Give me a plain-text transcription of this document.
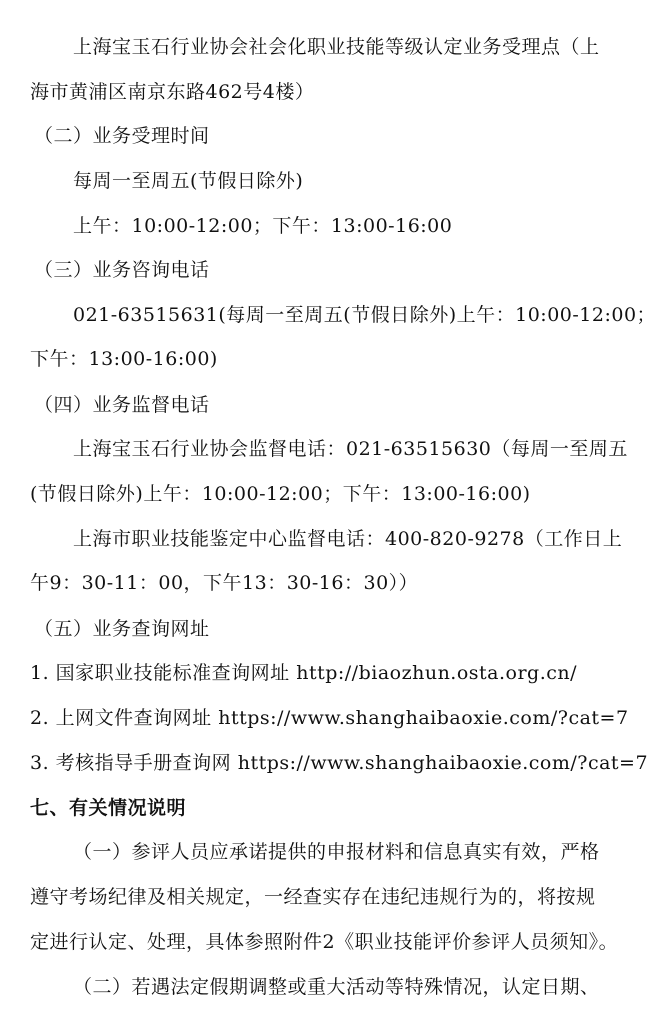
上海宝玉石行业协会社会化职业技能等级认定业务受理点（上
海市黄浦区南京东路462号4楼）
（二）业务受理时间
每周一至周五(节假日除外)
上午：10:00-12:00；下午：13:00-16:00
（三）业务咨询电话
021-63515631(每周一至周五(节假日除外)上午：10:00-12:00；
下午：13:00-16:00)
（四）业务监督电话
上海宝玉石行业协会监督电话：021-63515630（每周一至周五
(节假日除外)上午：10:00-12:00；下午：13:00-16:00)
上海市职业技能鉴定中心监督电话：400-820-9278（工作日上
午9：30-11：00，下午13：30-16：30））
（五）业务查询网址
1. 国家职业技能标准查询网址 http://biaozhun.osta.org.cn/
2. 上网文件查询网址 https://www.shanghaibaoxie.com/?cat=7
3. 考核指导手册查询网 https://www.shanghaibaoxie.com/?cat=7
七、有关情况说明
（一）参评人员应承诺提供的申报材料和信息真实有效，严格
遵守考场纪律及相关规定，一经查实存在违纪违规行为的，将按规
定进行认定、处理，具体参照附件2《职业技能评价参评人员须知》。
（二）若遇法定假期调整或重大活动等特殊情况，认定日期、
